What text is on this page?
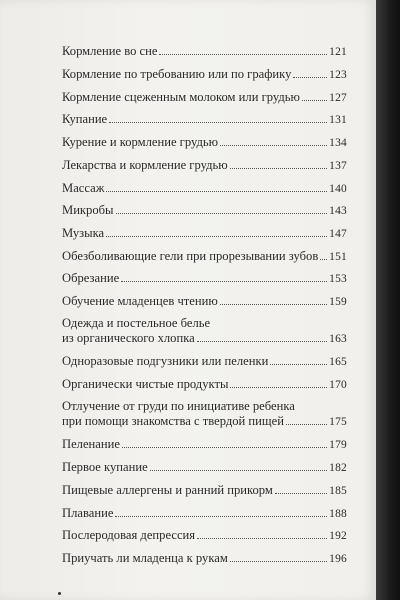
Кормление во сне	121
Кормление по требованию или по графику	123
Кормление сцеженным молоком или грудью	127
Купание	131
Курение и кормление грудью	134
Лекарства и кормление грудью	137
Массаж	140
Микробы	143
Музыка	147
Обезболивающие гели при прорезывании зубов 151
Обрезание	153
Обучение младенцев чтению	159
Одежда и постельное белье
из органического хлопка	163
Одноразовые подгузники или пеленки	165
Органически чистые продукты	170
Отлучение от груди по инициативе ребенка
при помощи знакомства с твердой пищей	175
Пеленание	179
Первое купание	182
Пищевые аллергены и ранний прикорм	185
Плавание	188
Послеродовая депрессия	192
Приучать ли младенца к рукам	196
